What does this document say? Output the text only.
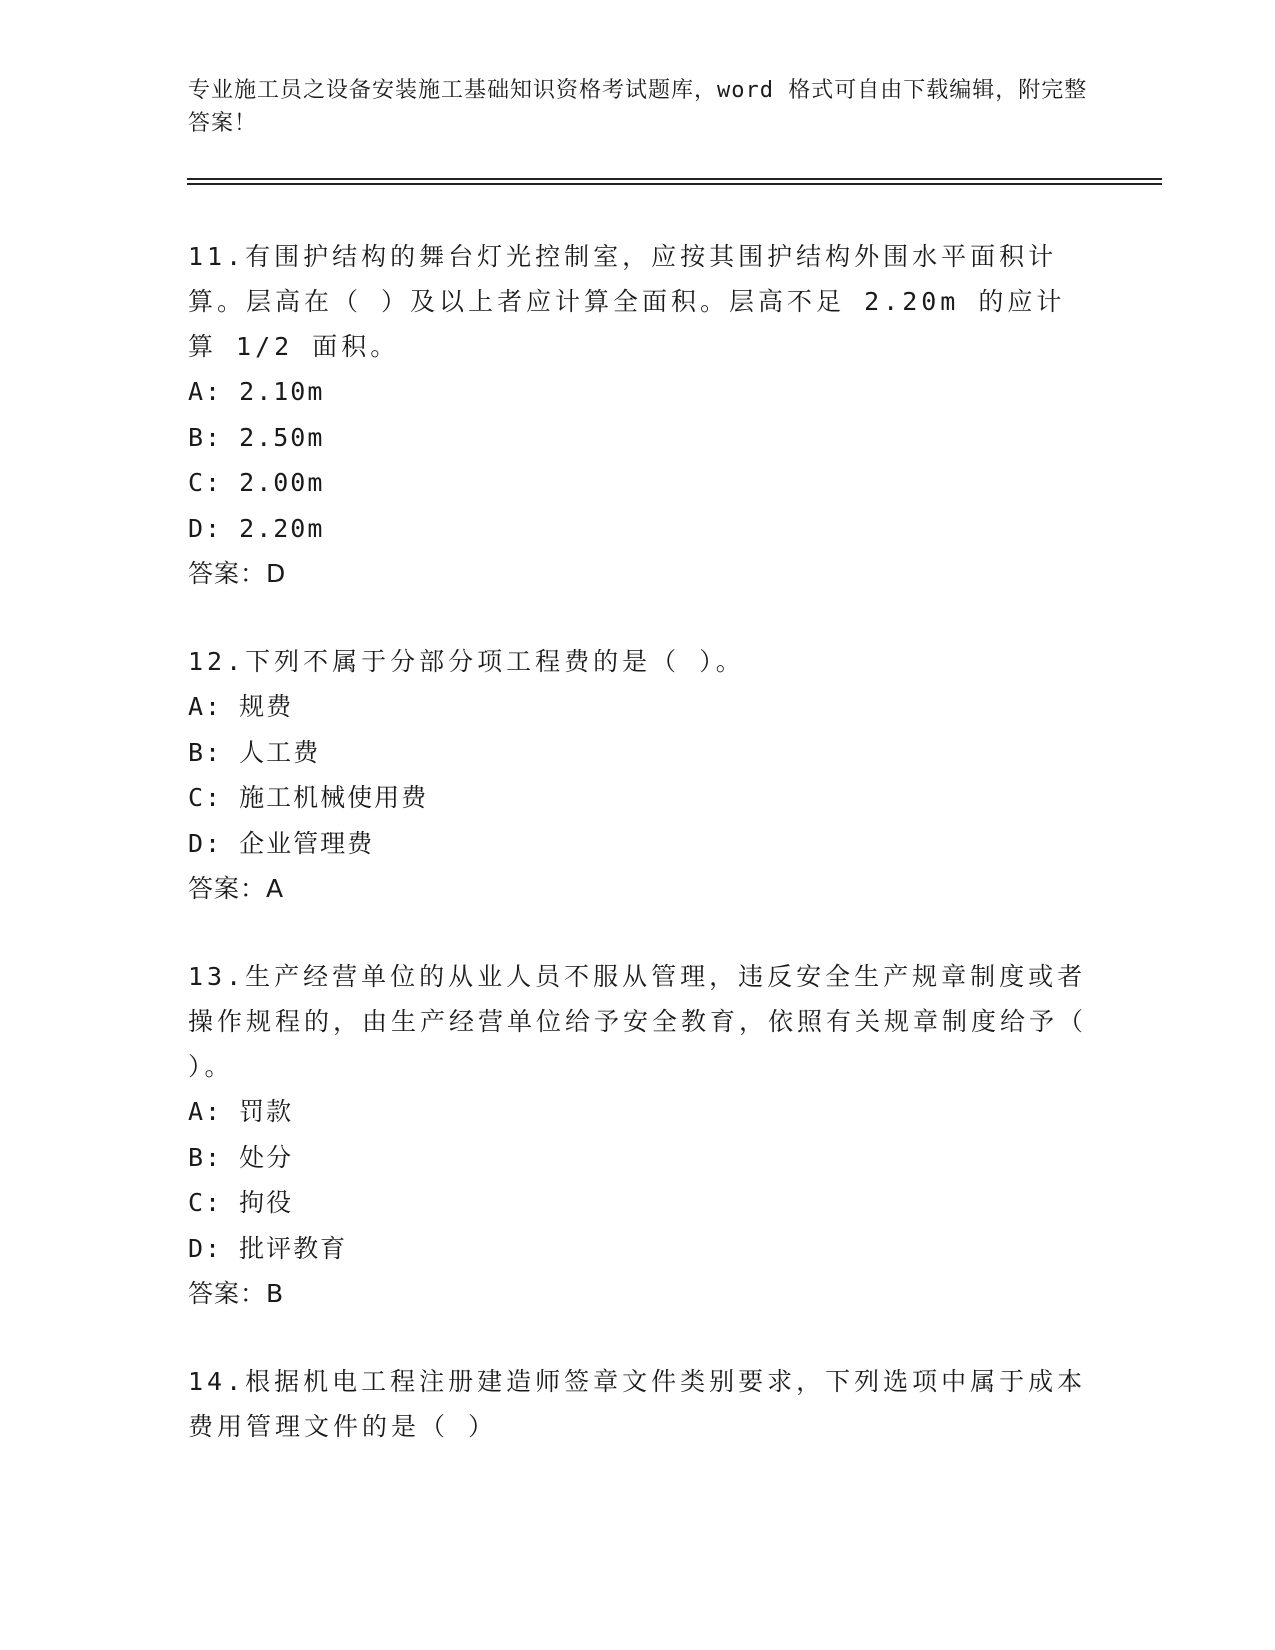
专业施工员之设备安装施工基础知识资格考试题库，word 格式可自由下载编辑，附完整答案！
11.有围护结构的舞台灯光控制室，应按其围护结构外围水平面积计算。层高在（ ）及以上者应计算全面积。层高不足 2.20m 的应计算 1/2 面积。
A: 2.10m
B: 2.50m
C: 2.00m
D: 2.20m
答案：D
12.下列不属于分部分项工程费的是（ ）。
A: 规费
B: 人工费
C: 施工机械使用费
D: 企业管理费
答案：A
13.生产经营单位的从业人员不服从管理，违反安全生产规章制度或者操作规程的，由生产经营单位给予安全教育，依照有关规章制度给予（ ）。
A: 罚款
B: 处分
C: 拘役
D: 批评教育
答案：B
14.根据机电工程注册建造师签章文件类别要求，下列选项中属于成本费用管理文件的是（ ）
